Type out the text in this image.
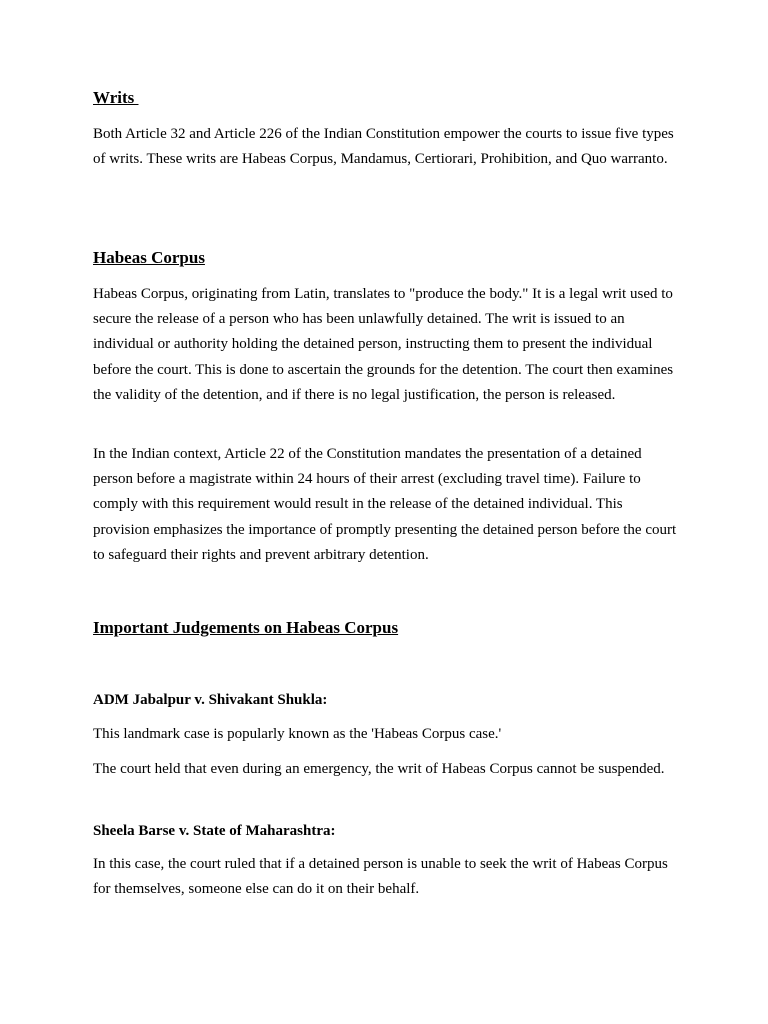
Writs

Both Article 32 and Article 226 of the Indian Constitution empower the courts to issue five types of writs. These writs are Habeas Corpus, Mandamus, Certiorari, Prohibition, and Quo warranto.

Habeas Corpus

Habeas Corpus, originating from Latin, translates to "produce the body." It is a legal writ used to secure the release of a person who has been unlawfully detained. The writ is issued to an individual or authority holding the detained person, instructing them to present the individual before the court. This is done to ascertain the grounds for the detention. The court then examines the validity of the detention, and if there is no legal justification, the person is released.

In the Indian context, Article 22 of the Constitution mandates the presentation of a detained person before a magistrate within 24 hours of their arrest (excluding travel time). Failure to comply with this requirement would result in the release of the detained individual. This provision emphasizes the importance of promptly presenting the detained person before the court to safeguard their rights and prevent arbitrary detention.

Important Judgements on Habeas Corpus
ADM Jabalpur v. Shivakant Shukla:

This landmark case is popularly known as the 'Habeas Corpus case.'

The court held that even during an emergency, the writ of Habeas Corpus cannot be suspended.

Sheela Barse v. State of Maharashtra:

In this case, the court ruled that if a detained person is unable to seek the writ of Habeas Corpus for themselves, someone else can do it on their behalf.
